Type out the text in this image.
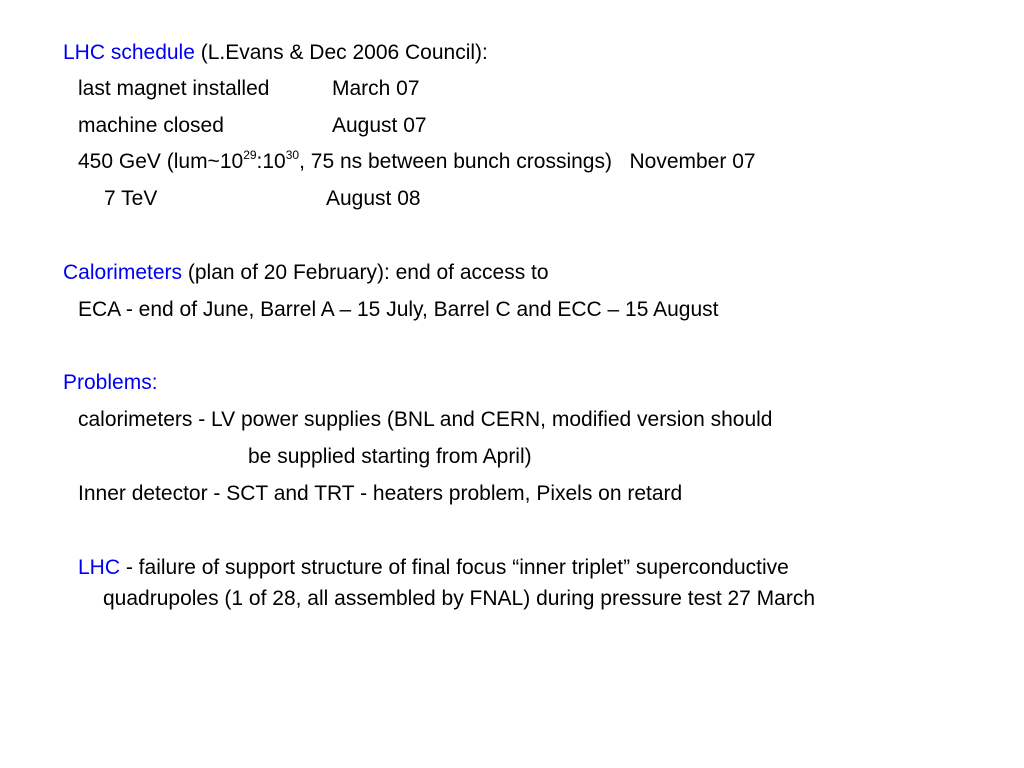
LHC schedule (L.Evans & Dec 2006 Council):
last magnet installed	March 07
machine closed	August 07
450 GeV ($lum\sim 10^{29}:10^{30}$, 75 ns between bunch crossings) November 07
7 TeV	August 08
Calorimeters (plan of 20 February): end of access to
ECA - end of June, Barrel A – 15 July, Barrel C and ECC – 15 August
Problems:
calorimeters - LV power supplies (BNL and CERN, modified version should
be supplied starting from April)
Inner detector - SCT and TRT - heaters problem, Pixels on retard
LHC - failure of support structure of final focus “inner triplet” superconductive
quadrupoles (1 of 28, all assembled by FNAL) during pressure test 27 March
